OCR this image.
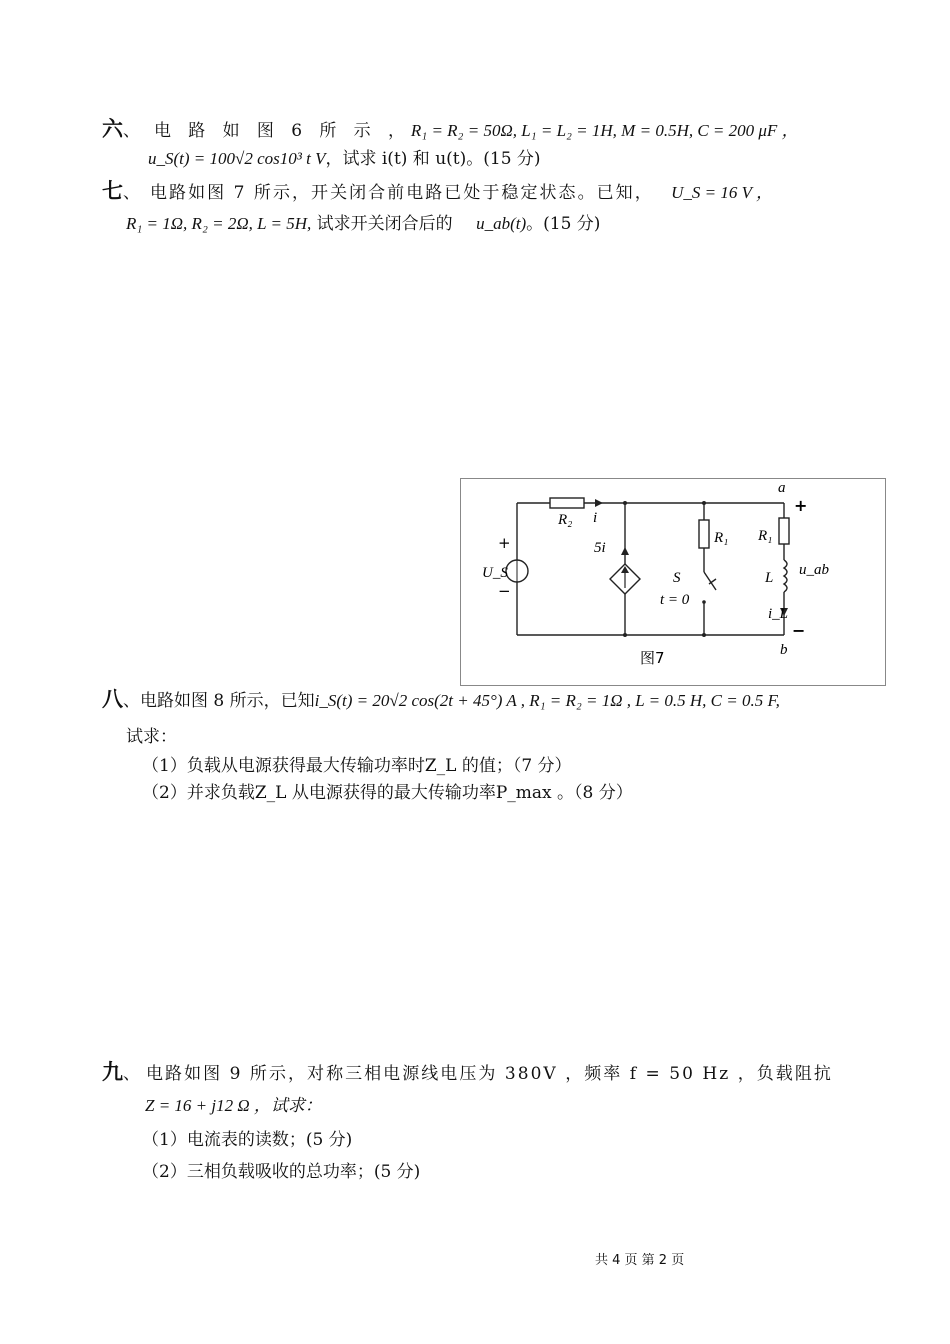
六、 电 路 如 图 6 所 示 ，R₁ = R₂ = 50Ω, L₁ = L₂ = 1H, M = 0.5H, C = 200 μF ，
u_S(t) = 100√2 cos10³ t V，试求 i(t) 和 u(t)。(15 分)
七、 电路如图 7 所示，开关闭合前电路已处于稳定状态。已知， U_S = 16 V ，
R₁ = 1Ω, R₂ = 2Ω, L = 5H, 试求开关闭合后的 u_ab(t)。(15 分)
a
+
−
b
R₂ i
5i
R₁ R₁
L u_ab
i_L
S
t = 0
U_S
+
−
图7
八、电路如图 8 所示，已知i_S(t) = 20√2 cos(2t + 45°) A , R₁ = R₂ = 1Ω , L = 0.5 H, C = 0.5 F,
试求：
（1）负载从电源获得最大传输功率时Z_L 的值；（7 分）
（2）并求负载Z_L 从电源获得的最大传输功率P_max 。（8 分）
九、 电路如图 9 所示，对称三相电源线电压为 380V ，频率 f = 50 Hz ，负载阻抗
Z = 16 + j12 Ω ，试求：
（1）电流表的读数；(5 分)
（2）三相负载吸收的总功率；(5 分)
共 4 页 第 2 页
